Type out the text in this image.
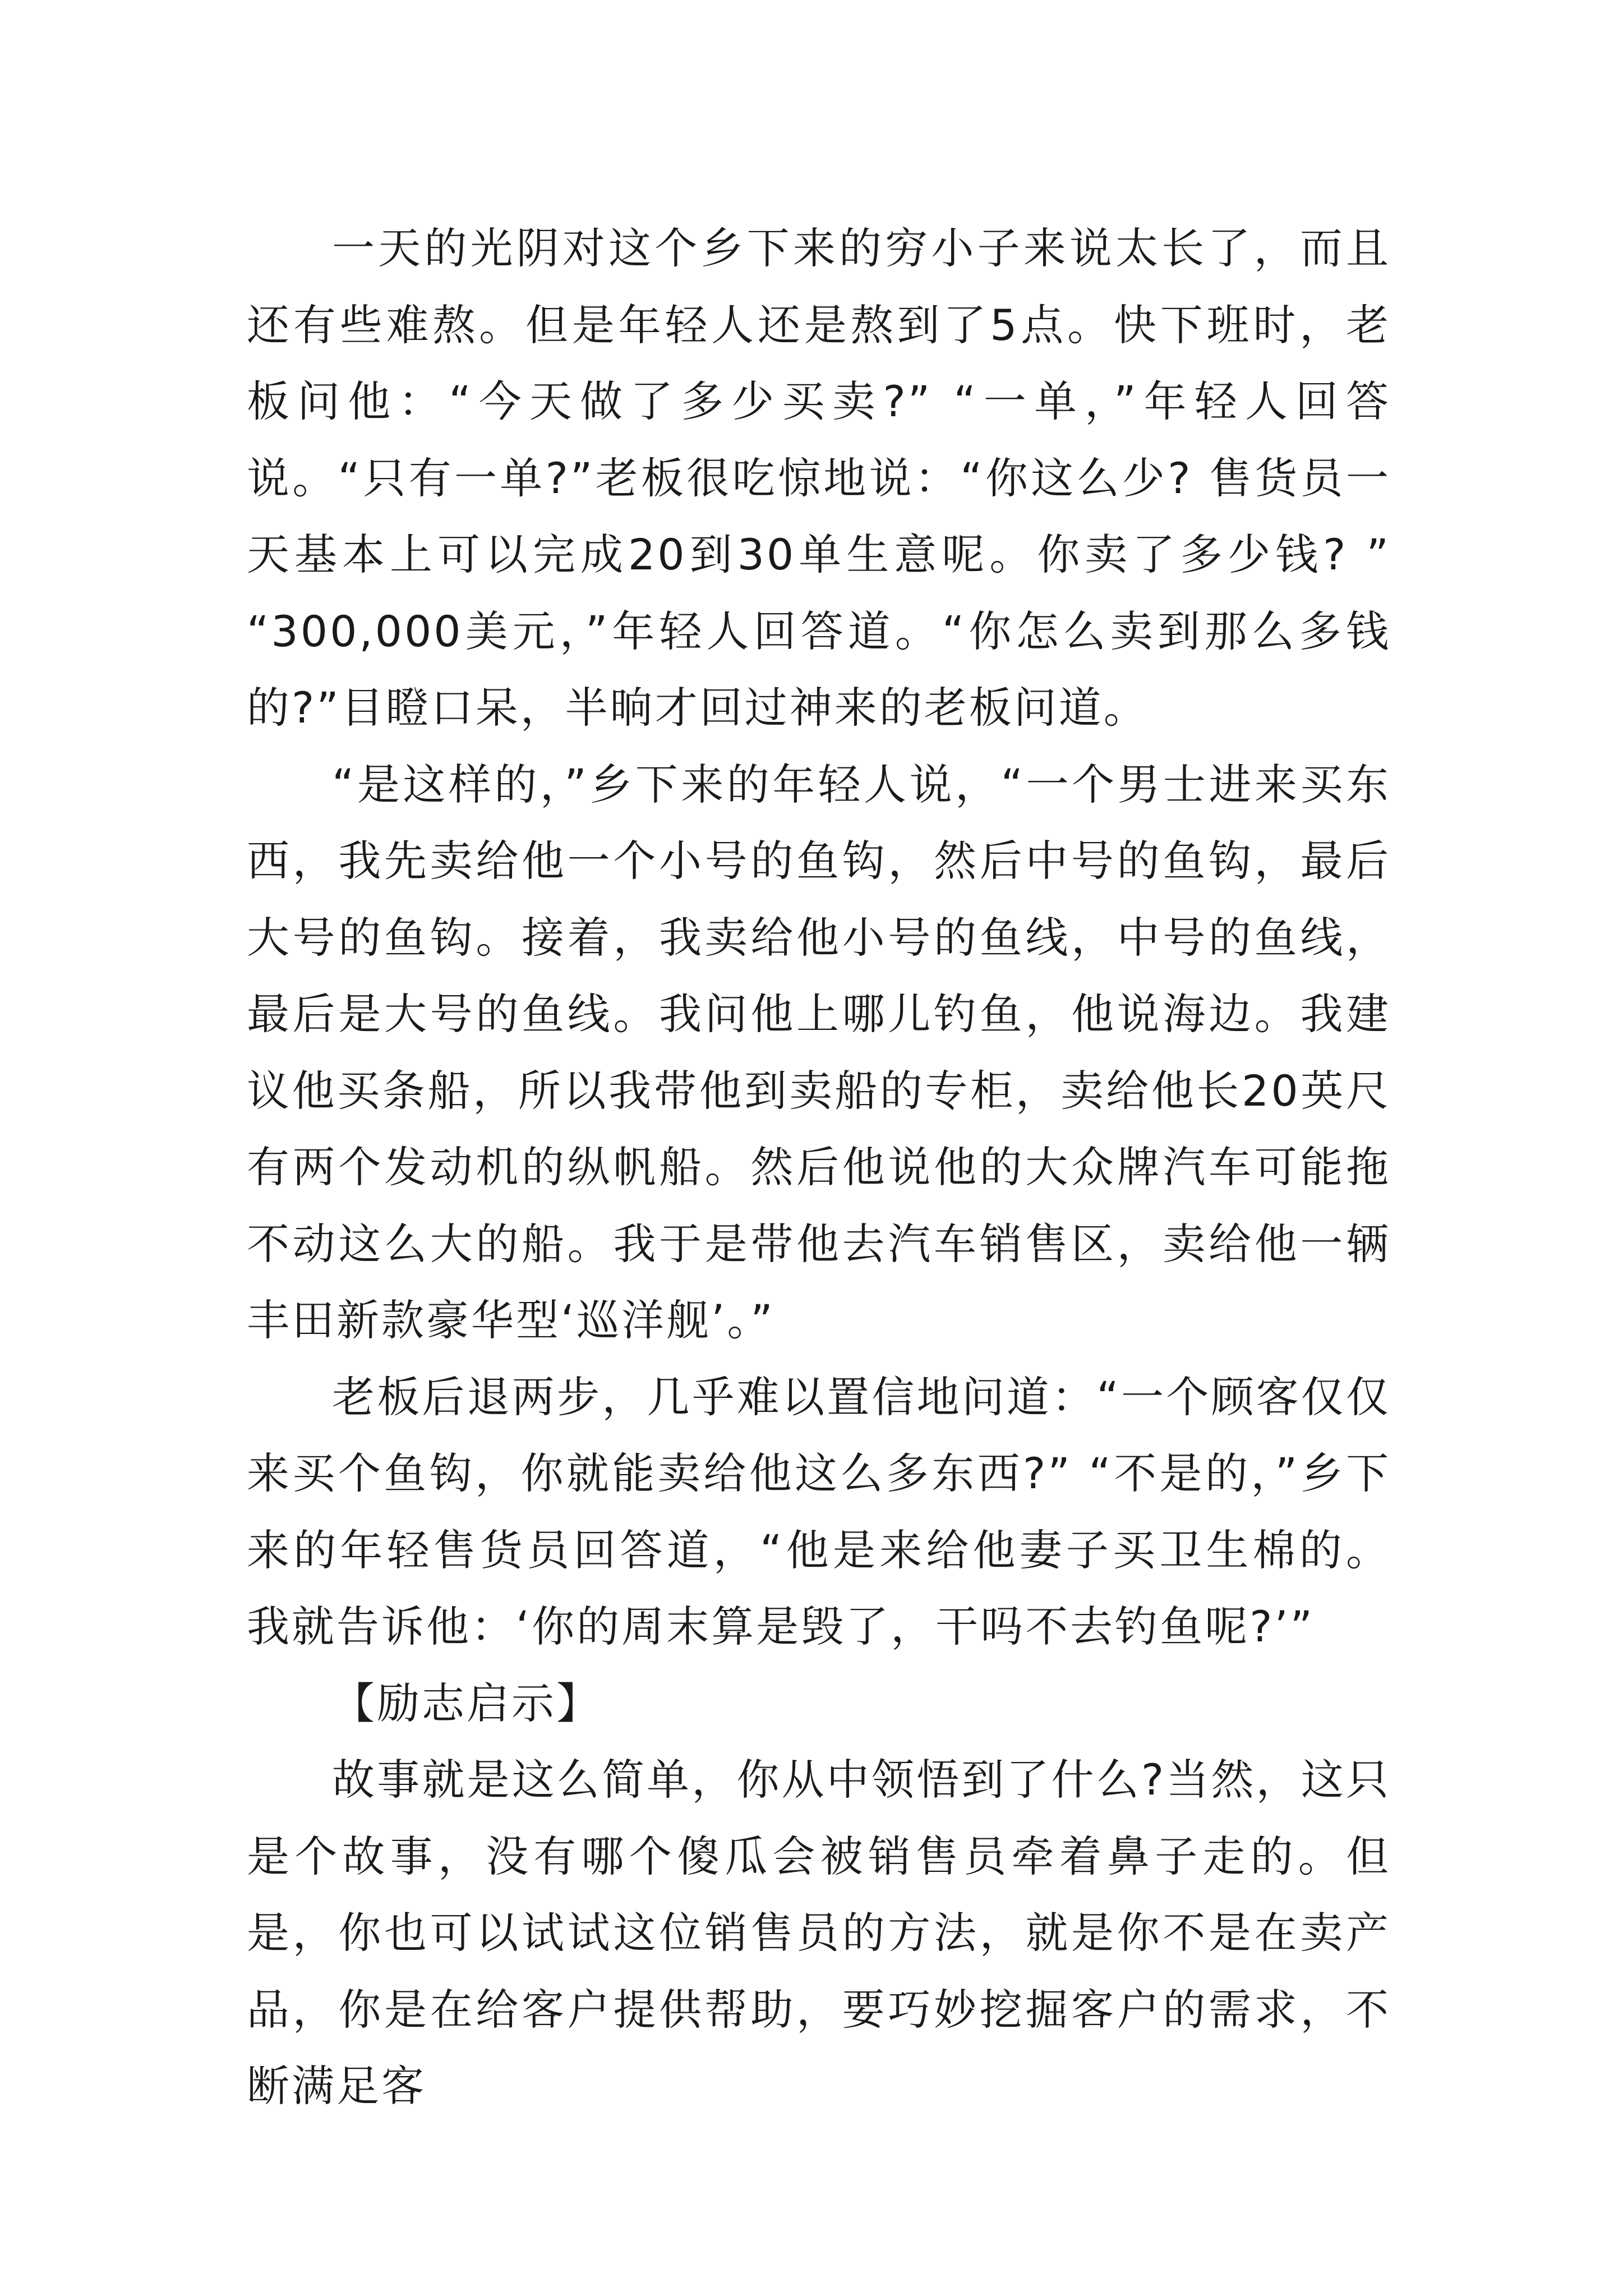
一天的光阴对这个乡下来的穷小子来说太长了，而且还有些难熬。但是年轻人还是熬到了5点。快下班时，老板问他：“今天做了多少买卖?” “一单，”年轻人回答说。“只有一单?”老板很吃惊地说：“你这么少? 售货员一天基本上可以完成20到30单生意呢。你卖了多少钱? ” “300,000美元，”年轻人回答道。“你怎么卖到那么多钱的?”目瞪口呆，半晌才回过神来的老板问道。

“是这样的，”乡下来的年轻人说，“一个男士进来买东西，我先卖给他一个小号的鱼钩，然后中号的鱼钩，最后大号的鱼钩。接着，我卖给他小号的鱼线，中号的鱼线，最后是大号的鱼线。我问他上哪儿钓鱼，他说海边。我建议他买条船，所以我带他到卖船的专柜，卖给他长20英尺有两个发动机的纵帆船。然后他说他的大众牌汽车可能拖不动这么大的船。我于是带他去汽车销售区，卖给他一辆丰田新款豪华型‘巡洋舰’。”

老板后退两步，几乎难以置信地问道：“一个顾客仅仅来买个鱼钩，你就能卖给他这么多东西?” “不是的，”乡下来的年轻售货员回答道，“他是来给他妻子买卫生棉的。我就告诉他：‘你的周末算是毁了，干吗不去钓鱼呢?’”

【励志启示】

故事就是这么简单，你从中领悟到了什么?当然，这只是个故事，没有哪个傻瓜会被销售员牵着鼻子走的。但是，你也可以试试这位销售员的方法，就是你不是在卖产品，你是在给客户提供帮助，要巧妙挖掘客户的需求，不断满足客
